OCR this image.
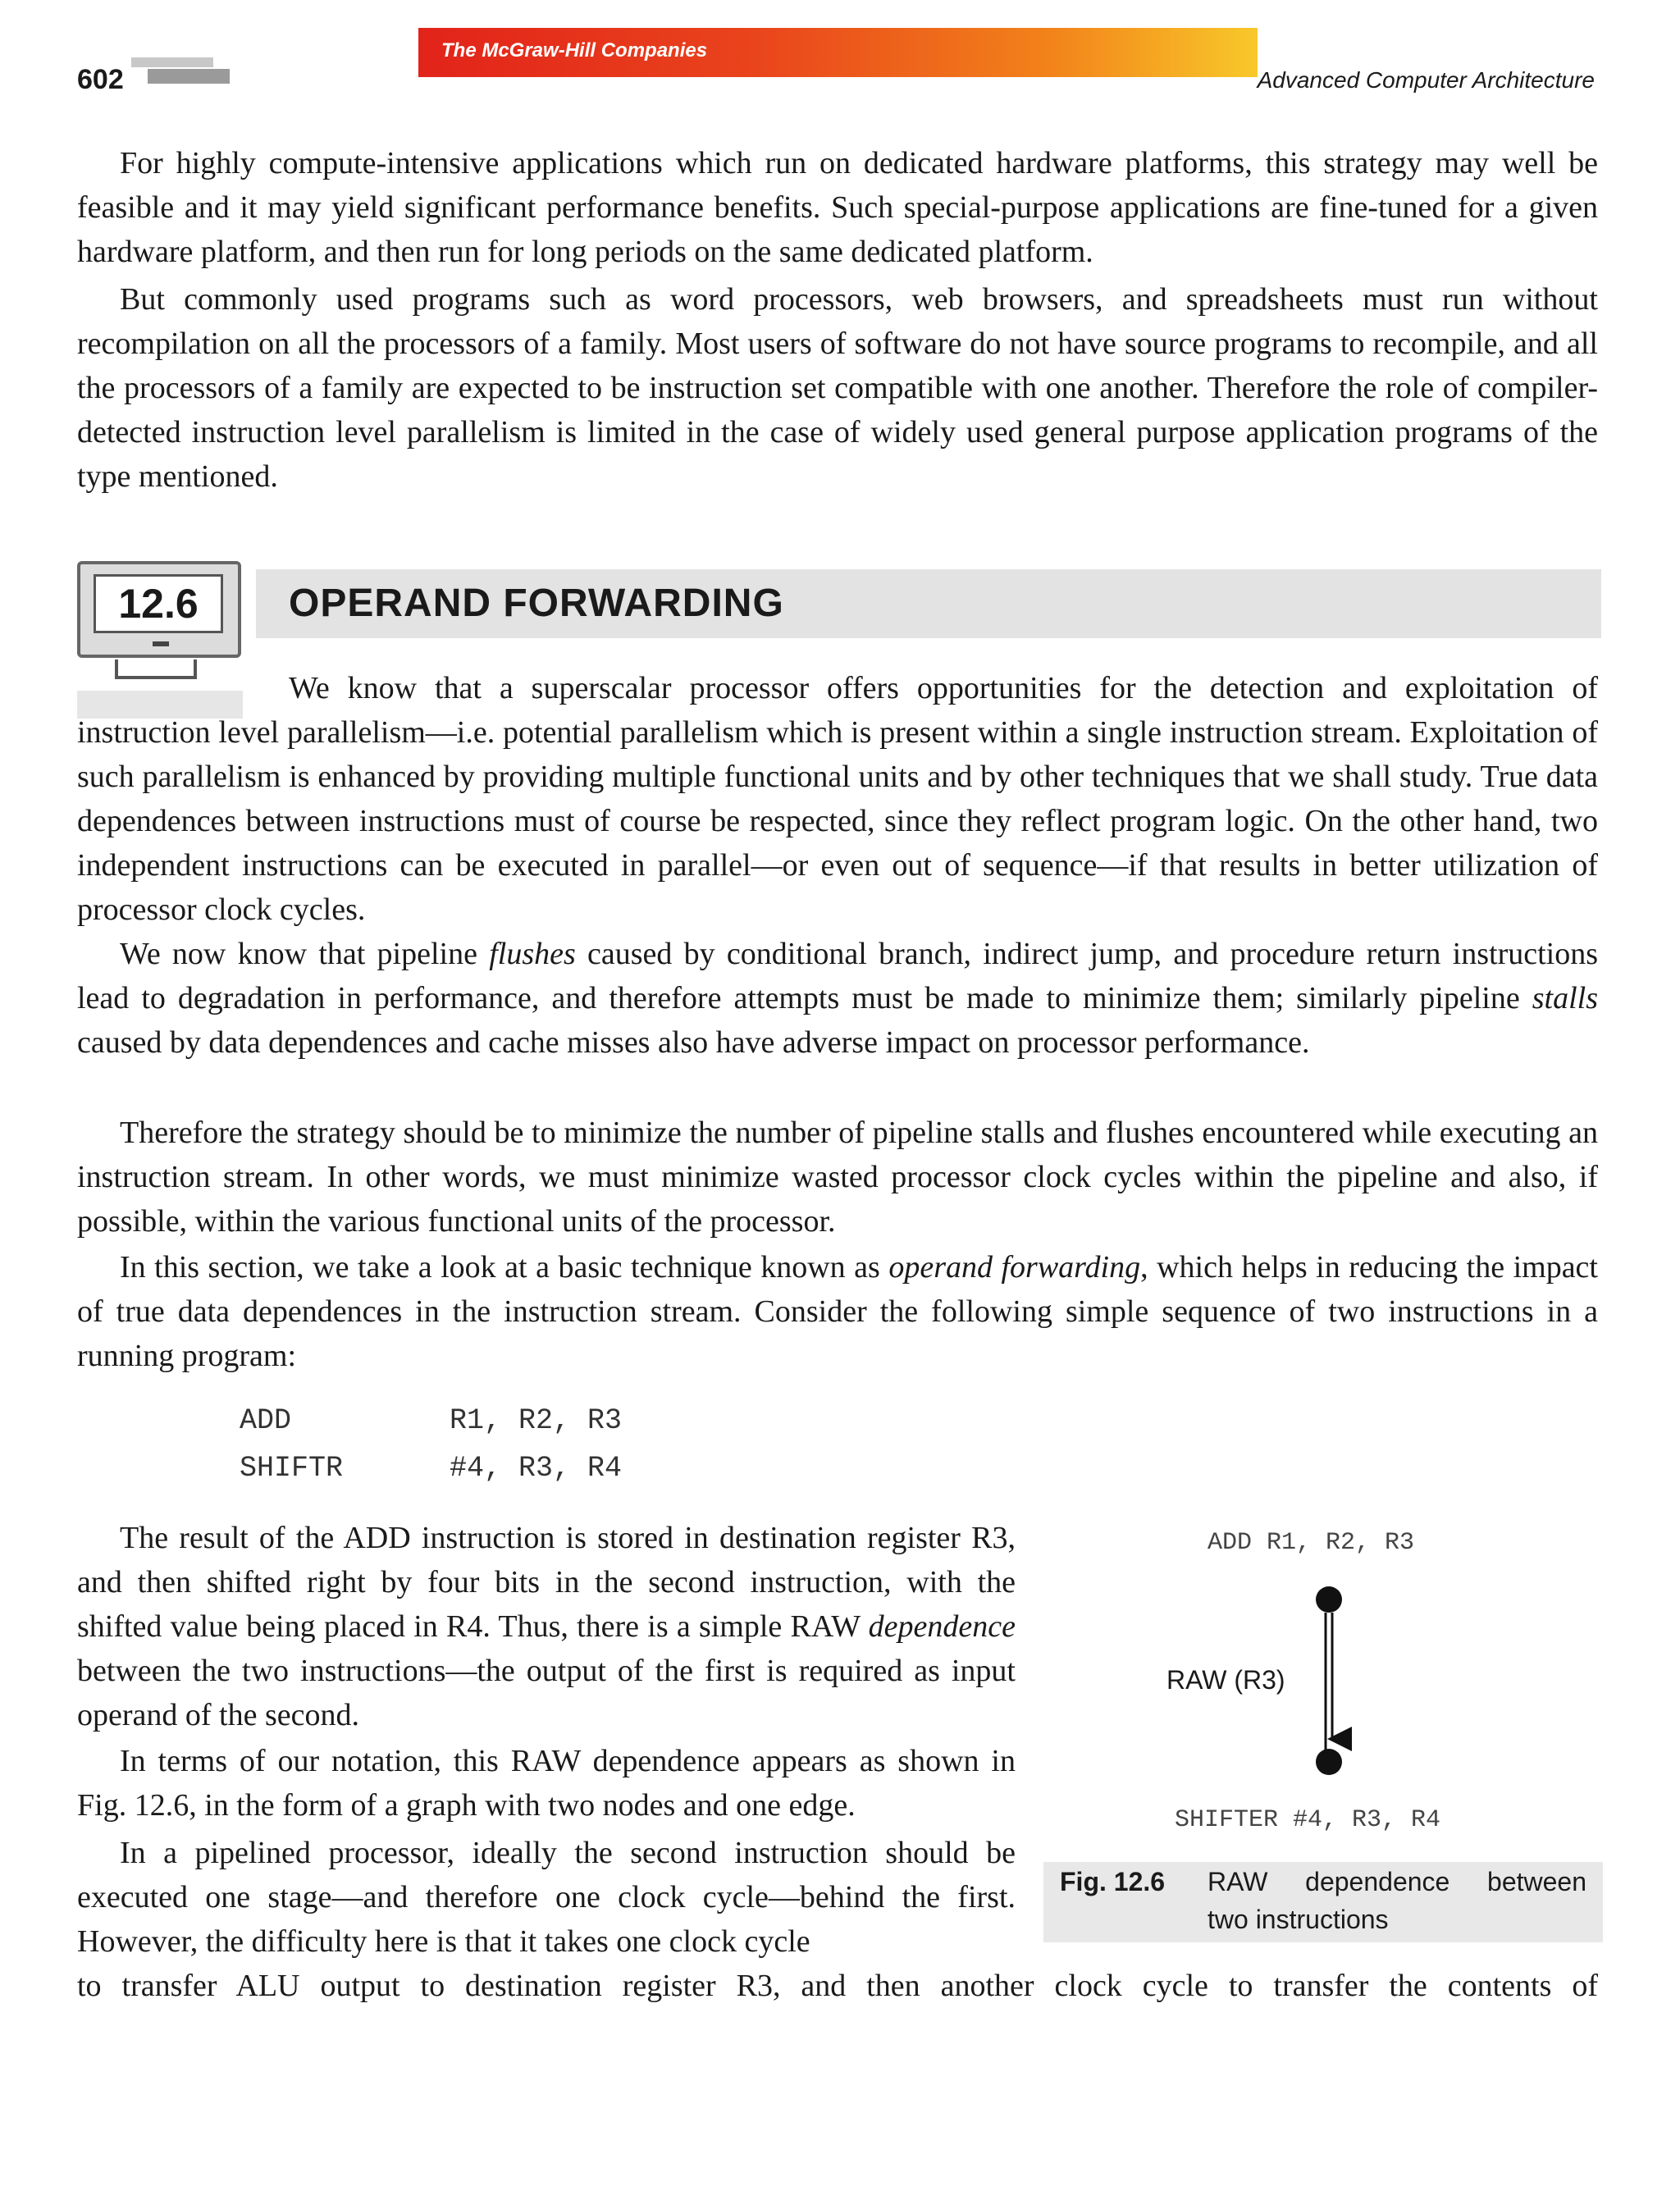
602
The McGraw-Hill Companies
Advanced Computer Architecture

For highly compute-intensive applications which run on dedicated hardware platforms, this strategy may well be feasible and it may yield significant performance benefits. Such special-purpose applications are fine-tuned for a given hardware platform, and then run for long periods on the same dedicated platform.

But commonly used programs such as word processors, web browsers, and spreadsheets must run without recompilation on all the processors of a family. Most users of software do not have source programs to recompile, and all the processors of a family are expected to be instruction set compatible with one another. Therefore the role of compiler-detected instruction level parallelism is limited in the case of widely used general purpose application programs of the type mentioned.

12.6	OPERAND FORWARDING

We know that a superscalar processor offers opportunities for the detection and exploitation of instruction level parallelism—i.e. potential parallelism which is present within a single instruction stream. Exploitation of such parallelism is enhanced by providing multiple functional units and by other techniques that we shall study. True data dependences between instructions must of course be respected, since they reflect program logic. On the other hand, two independent instructions can be executed in parallel—or even out of sequence—if that results in better utilization of processor clock cycles.

We now know that pipeline flushes caused by conditional branch, indirect jump, and procedure return instructions lead to degradation in performance, and therefore attempts must be made to minimize them; similarly pipeline stalls caused by data dependences and cache misses also have adverse impact on processor performance.

Therefore the strategy should be to minimize the number of pipeline stalls and flushes encountered while executing an instruction stream. In other words, we must minimize wasted processor clock cycles within the pipeline and also, if possible, within the various functional units of the processor.

In this section, we take a look at a basic technique known as operand forwarding, which helps in reducing the impact of true data dependences in the instruction stream. Consider the following simple sequence of two instructions in a running program:

ADD	R1, R2, R3
SHIFTR	#4, R3, R4

The result of the ADD instruction is stored in destination register R3, and then shifted right by four bits in the second instruction, with the shifted value being placed in R4. Thus, there is a simple RAW dependence between the two instructions—the output of the first is required as input operand of the second.

In terms of our notation, this RAW dependence appears as shown in Fig. 12.6, in the form of a graph with two nodes and one edge.

In a pipelined processor, ideally the second instruction should be executed one stage—and therefore one clock cycle—behind the first. However, the difficulty here is that it takes one clock cycle

to transfer ALU output to destination register R3, and then another clock cycle to transfer the contents of

ADD R1, R2, R3
RAW (R3)
SHIFTER #4, R3, R4
Fig. 12.6 RAW dependence between
two instructions
